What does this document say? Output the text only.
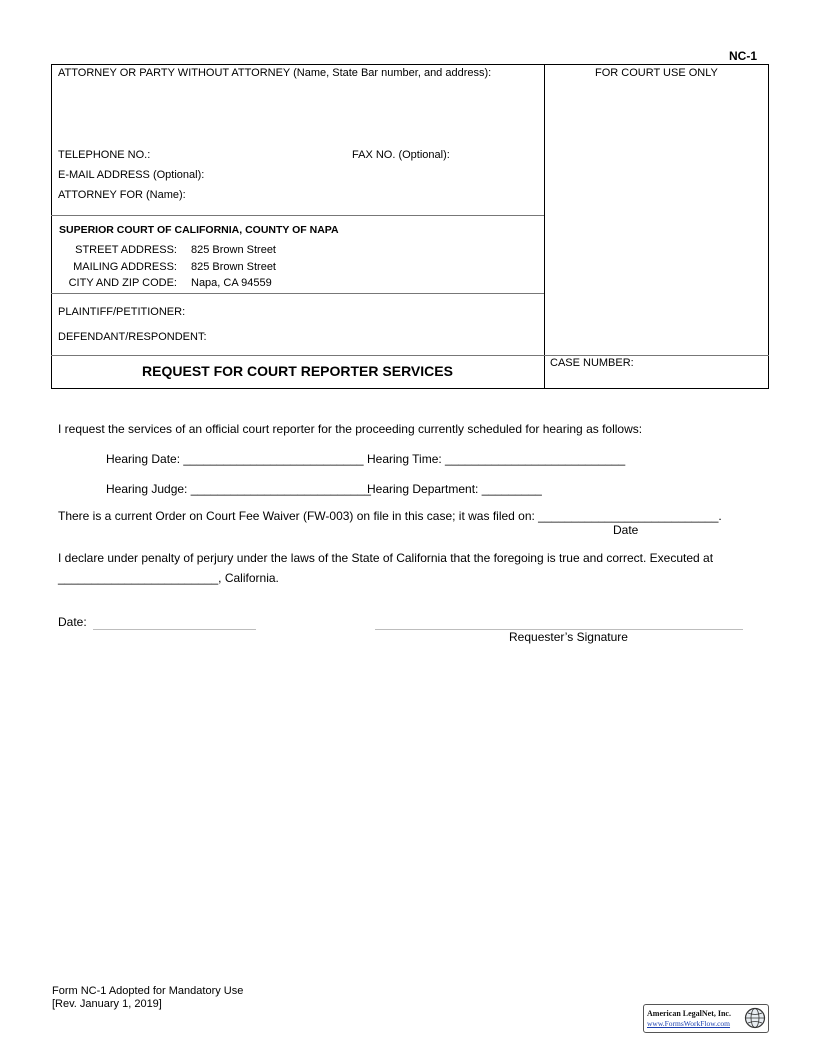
NC-1
ATTORNEY OR PARTY WITHOUT ATTORNEY (Name, State Bar number, and address):	FOR COURT USE ONLY
TELEPHONE NO.:	FAX NO. (Optional):
E-MAIL ADDRESS (Optional):
ATTORNEY FOR (Name):
SUPERIOR COURT OF CALIFORNIA, COUNTY OF NAPA
STREET ADDRESS: 825 Brown Street
MAILING ADDRESS: 825 Brown Street
CITY AND ZIP CODE: Napa, CA 94559
PLAINTIFF/PETITIONER:
DEFENDANT/RESPONDENT:
REQUEST FOR COURT REPORTER SERVICES	CASE NUMBER:
I request the services of an official court reporter for the proceeding currently scheduled for hearing as follows:
Hearing Date: ___________________________ Hearing Time: ___________________________
Hearing Judge: ___________________________
Hearing Department: _________
There is a current Order on Court Fee Waiver (FW-003) on file in this case; it was filed on: ___________________________.
Date
I declare under penalty of perjury under the laws of the State of California that the foregoing is true and correct. Executed at
________________________, California.
Date:
Requester’s Signature
Form NC-1 Adopted for Mandatory Use
[Rev. January 1, 2019]
American LegalNet, Inc.
www.FormsWorkFlow.com
